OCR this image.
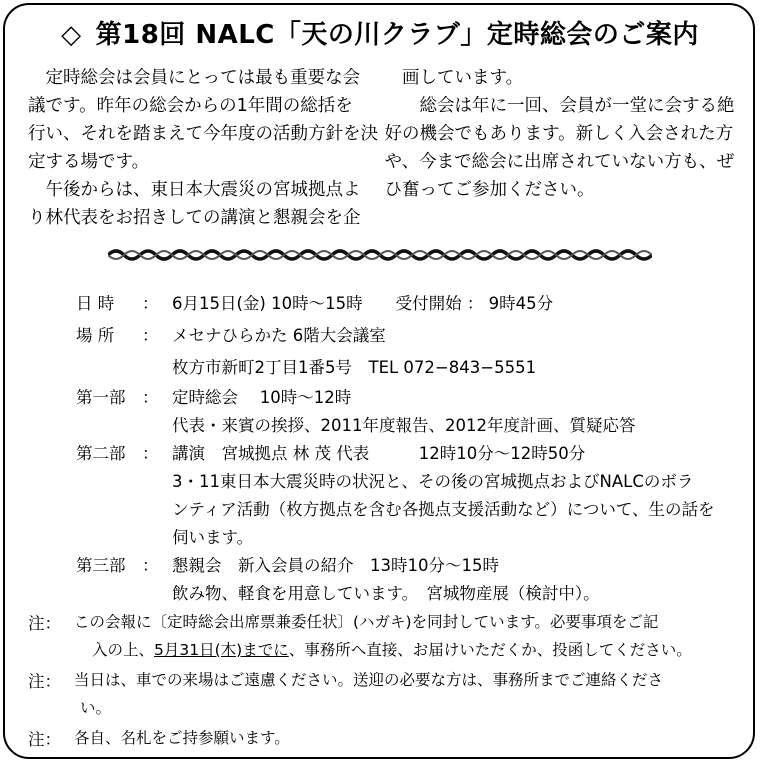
◇ 第18回 NALC「天の川クラブ」定時総会のご案内

定時総会は会員にとっては最も重要な会
議です。昨年の総会からの1年間の総括を
行い、それを踏まえて今年度の活動方針を決
定する場です。

午後からは、東日本大震災の宮城拠点よ
り林代表をお招きしての講演と懇親会を企

画しています。

総会は年に一回、会員が一堂に会する絶
好の機会でもあります。新しく入会された方
や、今まで総会に出席されていない方も、ぜ
ひ奮ってご参加ください。

日 時 ： 6月15日(金) 10時～15時　　受付開始 ： 9時45分
場 所 ： メセナひらかた 6階大会議室
枚方市新町2丁目1番5号　TEL 072−843−5551
第一部 ： 定時総会　 10時～12時
代表・来賓の挨拶、2011年度報告、2012年度計画、質疑応答
第二部 ： 講演　宮城拠点 林 茂 代表　　　12時10分～12時50分
3・11東日本大震災時の状況と、その後の宮城拠点およびNALCのボラ
ンティア活動（枚方拠点を含む各拠点支援活動など）について、生の話を
伺います。
第三部 ： 懇親会　新入会員の紹介　13時10分～15時
飲み物、軽食を用意しています。　宮城物産展（検討中）。
注： この会報に〔定時総会出席票兼委任状〕(ハガキ)を同封しています。必要事項をご記
入の上、5月31日(木)までに、事務所へ直接、お届けいただくか、投函してください。
注： 当日は、車での来場はご遠慮ください。送迎の必要な方は、事務所までご連絡くださ
い。
注： 各自、名札をご持参願います。
